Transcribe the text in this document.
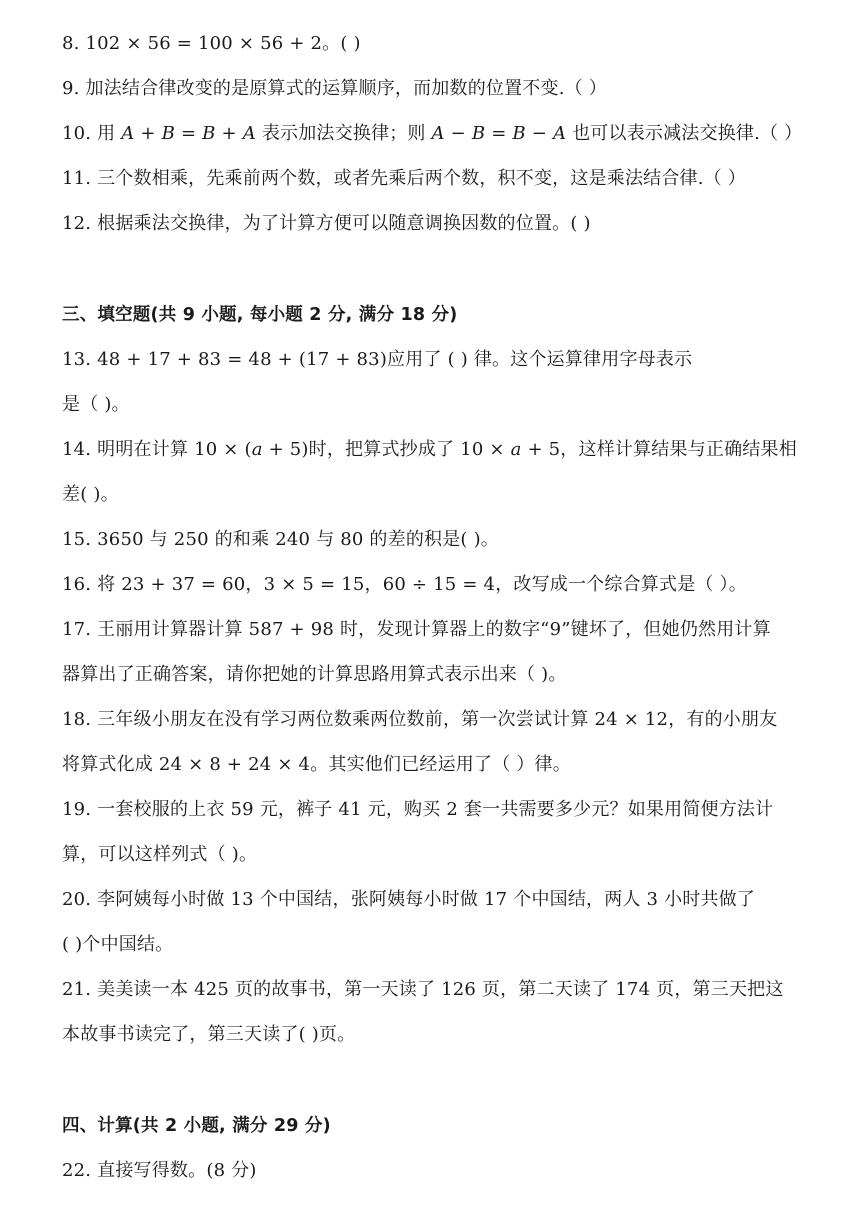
8. 102 × 56 = 100 × 56 + 2。( )
9. 加法结合律改变的是原算式的运算顺序，而加数的位置不变.（ ）
10. 用 𝐴 + 𝐵 = 𝐵 + 𝐴 表示加法交换律；则 𝐴 − 𝐵 = 𝐵 − 𝐴 也可以表示减法交换律.（ ）
11. 三个数相乘，先乘前两个数，或者先乘后两个数，积不变，这是乘法结合律.（ ）
12. 根据乘法交换律，为了计算方便可以随意调换因数的位置。( )
三、填空题(共 9 小题, 每小题 2 分, 满分 18 分)
13. 48 + 17 + 83 = 48 + (17 + 83)应用了 ( ) 律。这个运算律用字母表示
是（ )。
14. 明明在计算 10 × (𝑎 + 5)时，把算式抄成了 10 × 𝑎 + 5，这样计算结果与正确结果相
差( )。
15. 3650 与 250 的和乘 240 与 80 的差的积是( )。
16. 将 23 + 37 = 60，3 × 5 = 15，60 ÷ 15 = 4，改写成一个综合算式是（ ）。
17. 王丽用计算器计算 587 + 98 时，发现计算器上的数字“9”键坏了，但她仍然用计算
器算出了正确答案，请你把她的计算思路用算式表示出来（ )。
18. 三年级小朋友在没有学习两位数乘两位数前，第一次尝试计算 24 × 12，有的小朋友
将算式化成 24 × 8 + 24 × 4。其实他们已经运用了（ ）律。
19. 一套校服的上衣 59 元，裤子 41 元，购买 2 套一共需要多少元？如果用简便方法计
算，可以这样列式（ )。
20. 李阿姨每小时做 13 个中国结，张阿姨每小时做 17 个中国结，两人 3 小时共做了
( )个中国结。
21. 美美读一本 425 页的故事书，第一天读了 126 页，第二天读了 174 页，第三天把这
本故事书读完了，第三天读了( )页。
四、计算(共 2 小题, 满分 29 分)
22. 直接写得数。(8 分)
